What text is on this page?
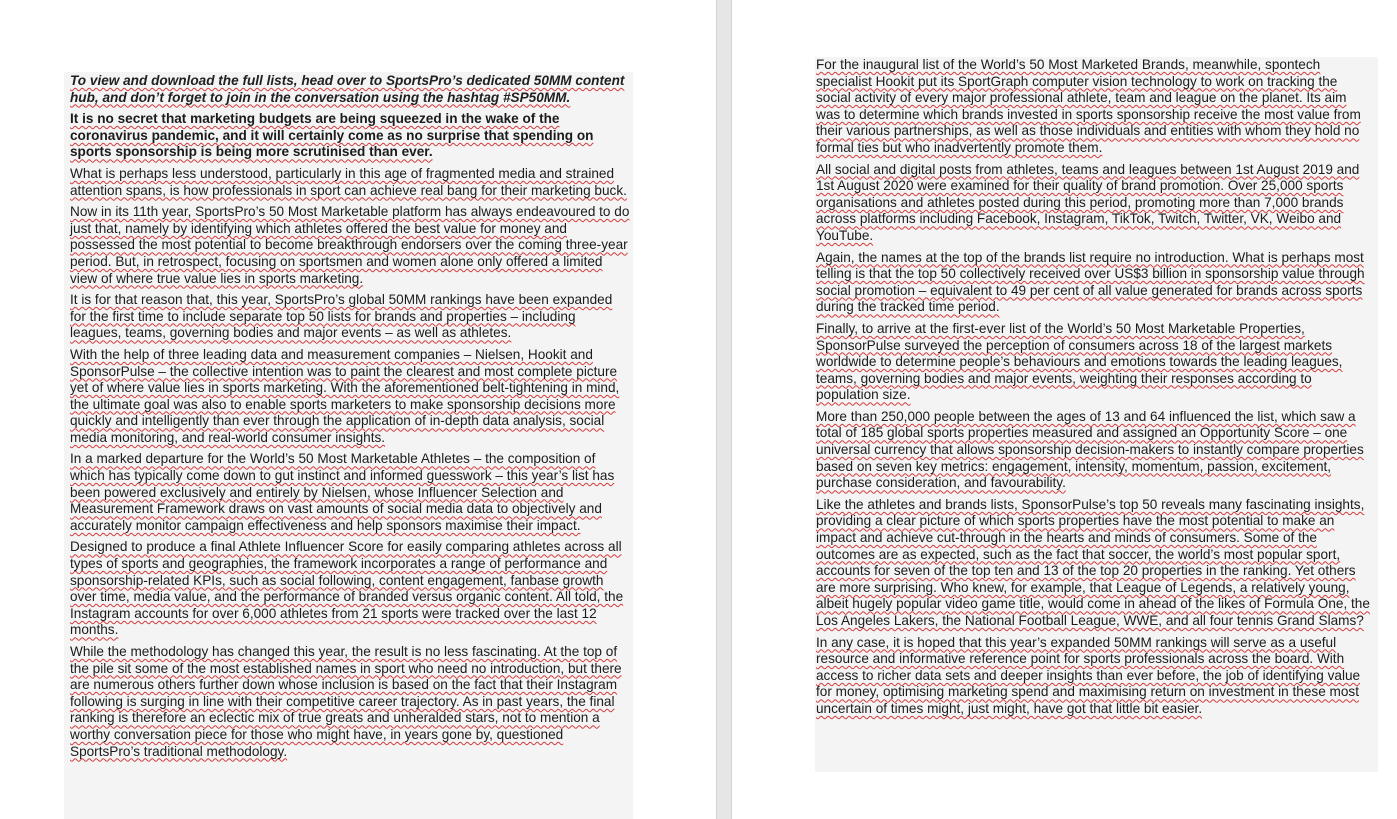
To view and download the full lists, head over to SportsPro’s dedicated 50MM content hub, and don’t forget to join in the conversation using the hashtag #SP50MM.

It is no secret that marketing budgets are being squeezed in the wake of the coronavirus pandemic, and it will certainly come as no surprise that spending on sports sponsorship is being more scrutinised than ever.

What is perhaps less understood, particularly in this age of fragmented media and strained attention spans, is how professionals in sport can achieve real bang for their marketing buck.

Now in its 11th year, SportsPro’s 50 Most Marketable platform has always endeavoured to do just that, namely by identifying which athletes offered the best value for money and possessed the most potential to become breakthrough endorsers over the coming three-year period. But, in retrospect, focusing on sportsmen and women alone only offered a limited view of where true value lies in sports marketing.

It is for that reason that, this year, SportsPro’s global 50MM rankings have been expanded for the first time to include separate top 50 lists for brands and properties – including leagues, teams, governing bodies and major events – as well as athletes.

With the help of three leading data and measurement companies – Nielsen, Hookit and SponsorPulse – the collective intention was to paint the clearest and most complete picture yet of where value lies in sports marketing. With the aforementioned belt-tightening in mind, the ultimate goal was also to enable sports marketers to make sponsorship decisions more quickly and intelligently than ever through the application of in-depth data analysis, social media monitoring, and real-world consumer insights.

In a marked departure for the World’s 50 Most Marketable Athletes – the composition of which has typically come down to gut instinct and informed guesswork – this year’s list has been powered exclusively and entirely by Nielsen, whose Influencer Selection and Measurement Framework draws on vast amounts of social media data to objectively and accurately monitor campaign effectiveness and help sponsors maximise their impact.

Designed to produce a final Athlete Influencer Score for easily comparing athletes across all types of sports and geographies, the framework incorporates a range of performance and sponsorship-related KPIs, such as social following, content engagement, fanbase growth over time, media value, and the performance of branded versus organic content. All told, the Instagram accounts for over 6,000 athletes from 21 sports were tracked over the last 12 months.

While the methodology has changed this year, the result is no less fascinating. At the top of the pile sit some of the most established names in sport who need no introduction, but there are numerous others further down whose inclusion is based on the fact that their Instagram following is surging in line with their competitive career trajectory. As in past years, the final ranking is therefore an eclectic mix of true greats and unheralded stars, not to mention a worthy conversation piece for those who might have, in years gone by, questioned SportsPro’s traditional methodology.

For the inaugural list of the World’s 50 Most Marketed Brands, meanwhile, spontech specialist Hookit put its SportGraph computer vision technology to work on tracking the social activity of every major professional athlete, team and league on the planet. Its aim was to determine which brands invested in sports sponsorship receive the most value from their various partnerships, as well as those individuals and entities with whom they hold no formal ties but who inadvertently promote them.

All social and digital posts from athletes, teams and leagues between 1st August 2019 and 1st August 2020 were examined for their quality of brand promotion. Over 25,000 sports organisations and athletes posted during this period, promoting more than 7,000 brands across platforms including Facebook, Instagram, TikTok, Twitch, Twitter, VK, Weibo and YouTube.

Again, the names at the top of the brands list require no introduction. What is perhaps most telling is that the top 50 collectively received over US$3 billion in sponsorship value through social promotion – equivalent to 49 per cent of all value generated for brands across sports during the tracked time period.

Finally, to arrive at the first-ever list of the World’s 50 Most Marketable Properties, SponsorPulse surveyed the perception of consumers across 18 of the largest markets worldwide to determine people’s behaviours and emotions towards the leading leagues, teams, governing bodies and major events, weighting their responses according to population size.

More than 250,000 people between the ages of 13 and 64 influenced the list, which saw a total of 185 global sports properties measured and assigned an Opportunity Score – one universal currency that allows sponsorship decision-makers to instantly compare properties based on seven key metrics: engagement, intensity, momentum, passion, excitement, purchase consideration, and favourability.

Like the athletes and brands lists, SponsorPulse’s top 50 reveals many fascinating insights, providing a clear picture of which sports properties have the most potential to make an impact and achieve cut-through in the hearts and minds of consumers. Some of the outcomes are as expected, such as the fact that soccer, the world’s most popular sport, accounts for seven of the top ten and 13 of the top 20 properties in the ranking. Yet others are more surprising. Who knew, for example, that League of Legends, a relatively young, albeit hugely popular video game title, would come in ahead of the likes of Formula One, the Los Angeles Lakers, the National Football League, WWE, and all four tennis Grand Slams?

In any case, it is hoped that this year’s expanded 50MM rankings will serve as a useful resource and informative reference point for sports professionals across the board. With access to richer data sets and deeper insights than ever before, the job of identifying value for money, optimising marketing spend and maximising return on investment in these most uncertain of times might, just might, have got that little bit easier.
